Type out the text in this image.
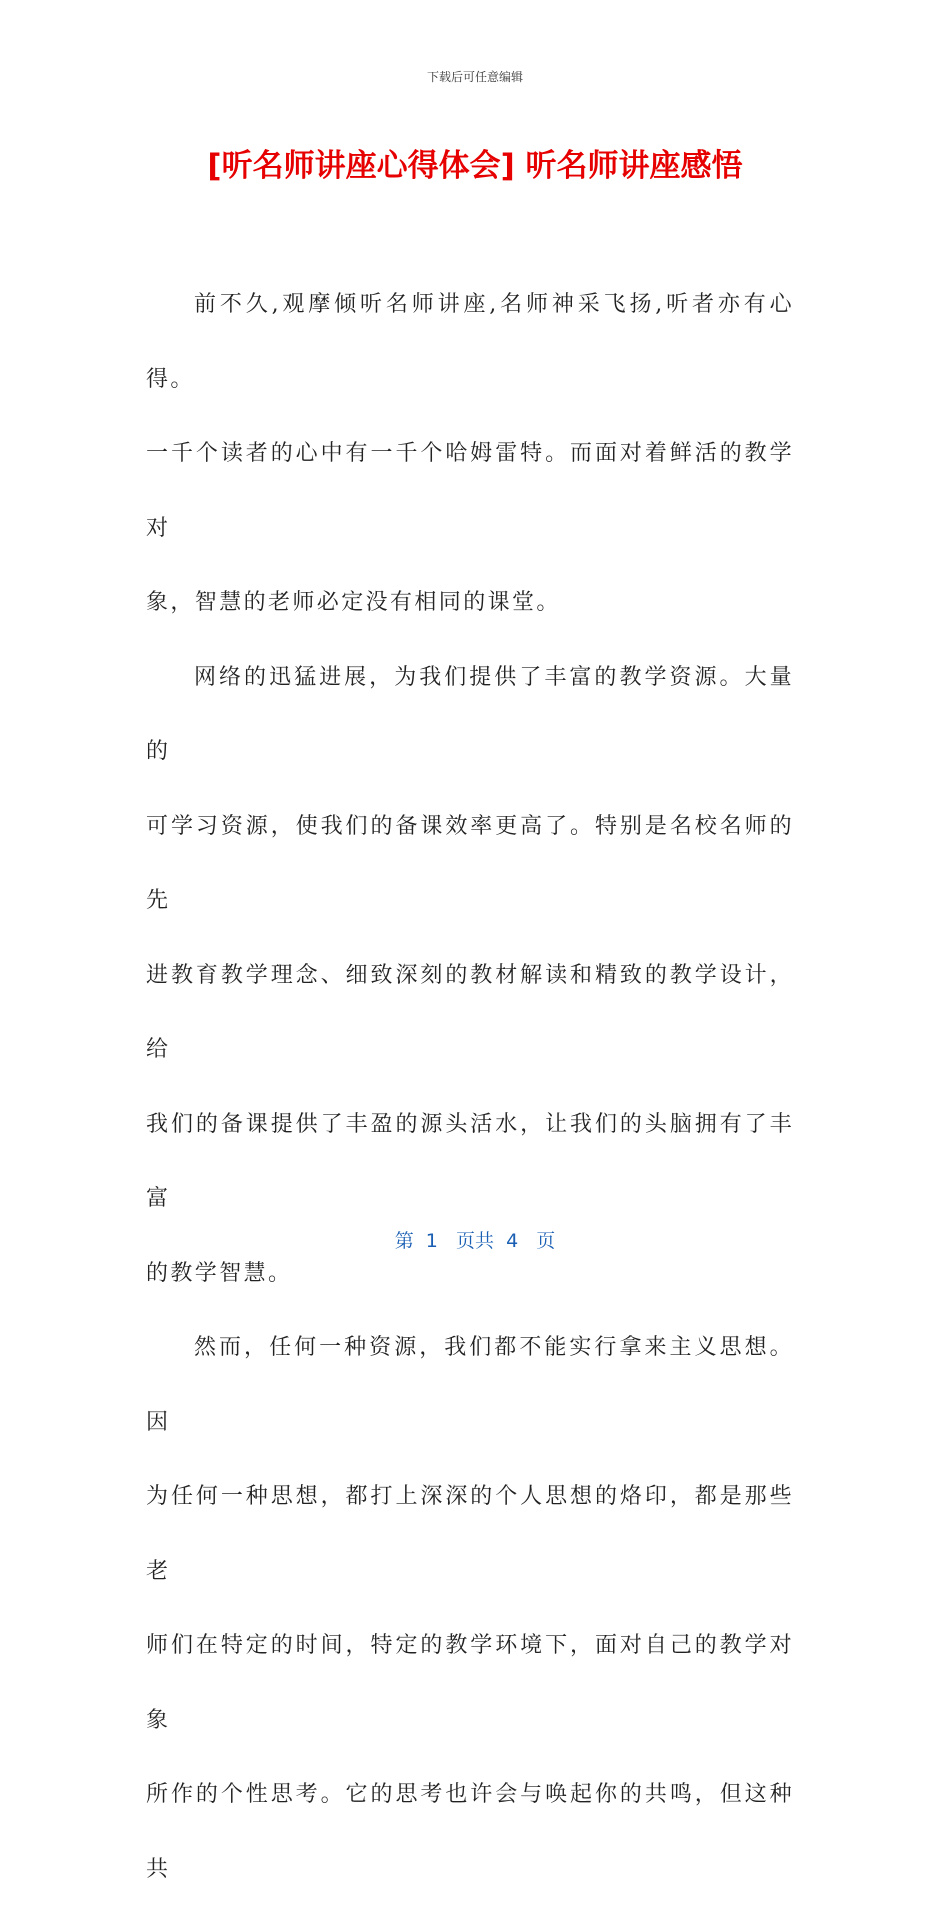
下载后可任意编辑
[听名师讲座心得体会] 听名师讲座感悟

前不久,观摩倾听名师讲座,名师神采飞扬,听者亦有心得。

一千个读者的心中有一千个哈姆雷特。而面对着鲜活的教学对

象，智慧的老师必定没有相同的课堂。

网络的迅猛进展，为我们提供了丰富的教学资源。大量的

可学习资源，使我们的备课效率更高了。特别是名校名师的先

进教育教学理念、细致深刻的教材解读和精致的教学设计，给

我们的备课提供了丰盈的源头活水，让我们的头脑拥有了丰富

的教学智慧。

然而，任何一种资源，我们都不能实行拿来主义思想。因

为任何一种思想，都打上深深的个人思想的烙印，都是那些老

师们在特定的时间，特定的教学环境下，面对自己的教学对象

所作的个性思考。它的思考也许会与唤起你的共鸣，但这种共

第  1   页共  4   页
